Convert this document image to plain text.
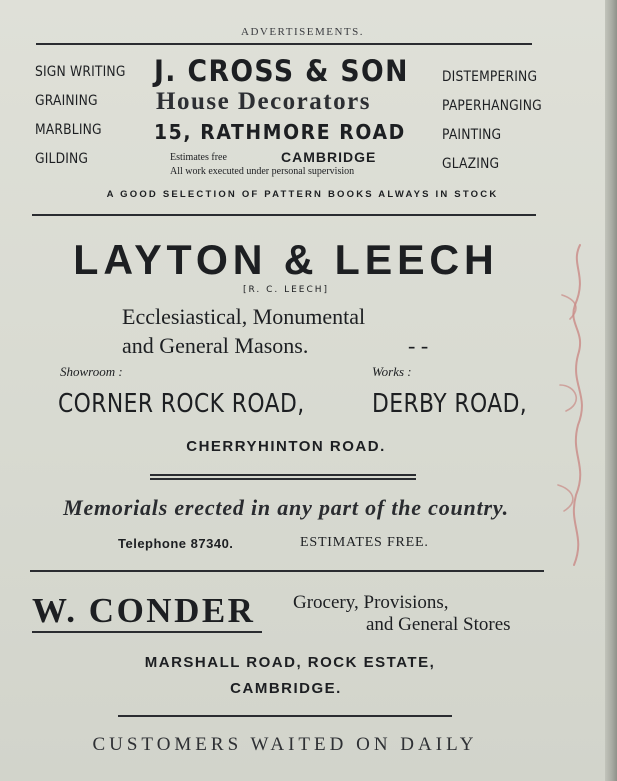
ADVERTISEMENTS.
SIGN WRITING
GRAINING
MARBLING
GILDING
DISTEMPERING
PAPERHANGING
PAINTING
GLAZING
J. CROSS & SON
House Decorators
15, RATHMORE ROAD
Estimates free	CAMBRIDGE
All work executed under personal supervision
A GOOD SELECTION OF PATTERN BOOKS ALWAYS IN STOCK
LAYTON & LEECH
[R. C. LEECH]
Ecclesiastical, Monumental
and General Masons.	- -
Showroom :	Works :
CORNER ROCK ROAD,	DERBY ROAD,
CHERRYHINTON ROAD.
Memorials erected in any part of the country.
Telephone 87340.	ESTIMATES FREE.
W. CONDER Grocery, Provisions,
and General Stores
MARSHALL ROAD, ROCK ESTATE,
CAMBRIDGE.
CUSTOMERS WAITED ON DAILY
